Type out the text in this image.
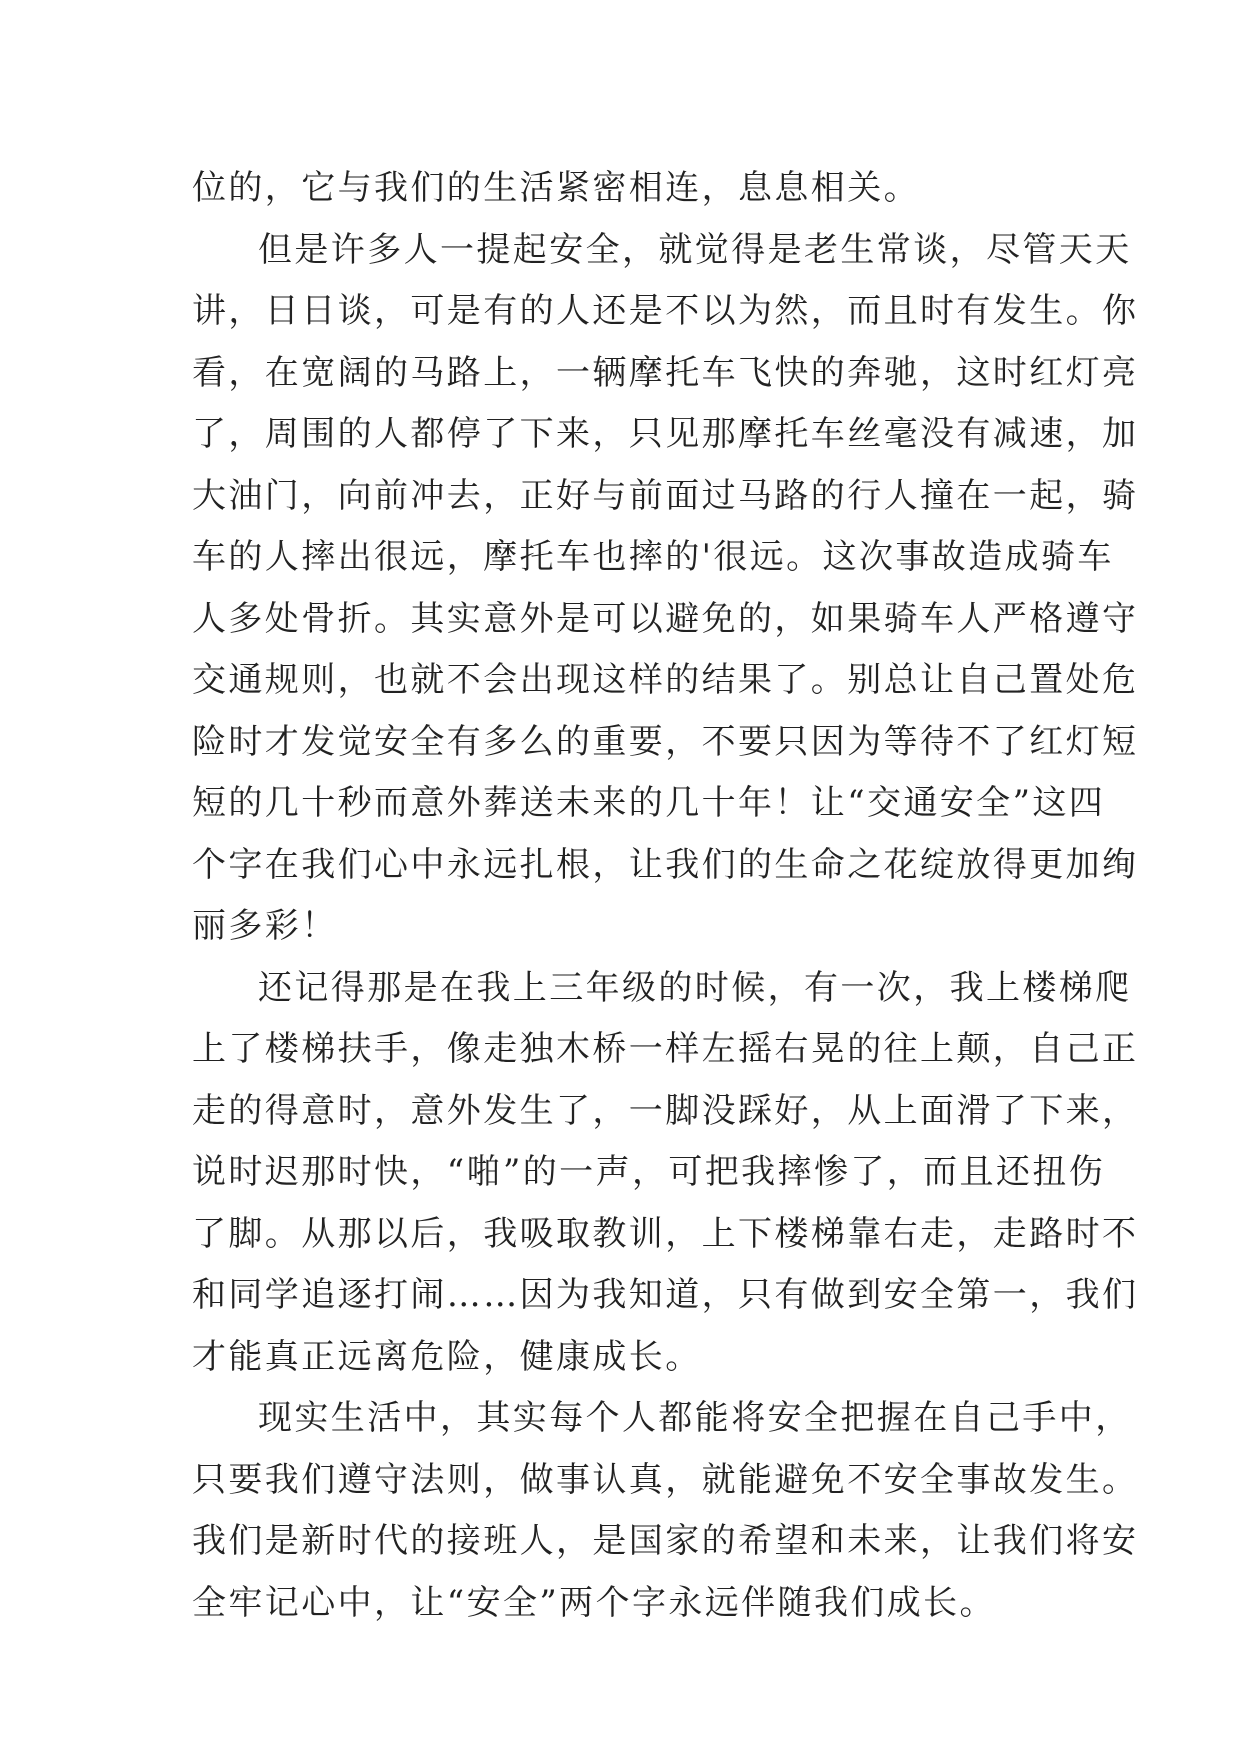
位的，它与我们的生活紧密相连，息息相关。
但是许多人一提起安全，就觉得是老生常谈，尽管天天
讲，日日谈，可是有的人还是不以为然，而且时有发生。你
看，在宽阔的马路上，一辆摩托车飞快的奔驰，这时红灯亮
了，周围的人都停了下来，只见那摩托车丝毫没有减速，加
大油门，向前冲去，正好与前面过马路的行人撞在一起，骑
车的人摔出很远，摩托车也摔的'很远。这次事故造成骑车
人多处骨折。其实意外是可以避免的，如果骑车人严格遵守
交通规则，也就不会出现这样的结果了。别总让自己置处危
险时才发觉安全有多么的重要，不要只因为等待不了红灯短
短的几十秒而意外葬送未来的几十年！让“交通安全”这四
个字在我们心中永远扎根，让我们的生命之花绽放得更加绚
丽多彩！
还记得那是在我上三年级的时候，有一次，我上楼梯爬
上了楼梯扶手，像走独木桥一样左摇右晃的往上颠，自己正
走的得意时，意外发生了，一脚没踩好，从上面滑了下来，
说时迟那时快，“啪”的一声，可把我摔惨了，而且还扭伤
了脚。从那以后，我吸取教训，上下楼梯靠右走，走路时不
和同学追逐打闹……因为我知道，只有做到安全第一，我们
才能真正远离危险，健康成长。
现实生活中，其实每个人都能将安全把握在自己手中，
只要我们遵守法则，做事认真，就能避免不安全事故发生。
我们是新时代的接班人，是国家的希望和未来，让我们将安
全牢记心中，让“安全”两个字永远伴随我们成长。
